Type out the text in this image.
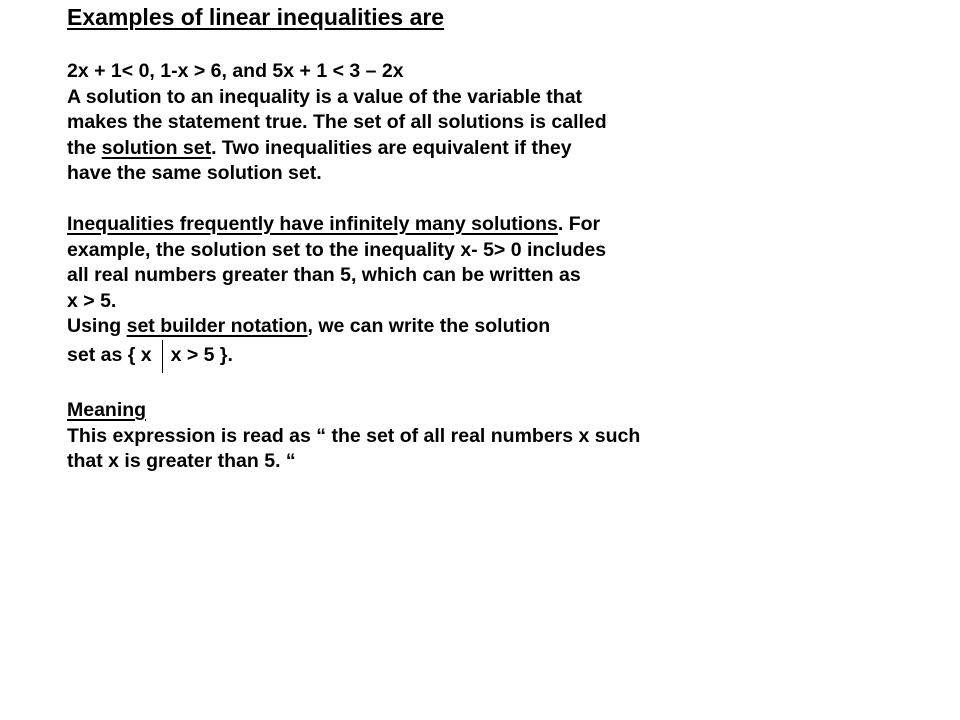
Examples of linear inequalities are
2x + 1< 0, 1-x > 6, and 5x + 1 < 3 – 2x
A solution to an inequality is a value of the variable that
makes the statement true. The set of all solutions is called
the solution set. Two inequalities are equivalent if they
have the same solution set.
Inequalities frequently have infinitely many solutions. For
example, the solution set to the inequality x- 5> 0 includes
all real numbers greater than 5, which can be written as
x > 5.
Using set builder notation, we can write the solution
set as { x x > 5 }.
Meaning
This expression is read as “ the set of all real numbers x such
that x is greater than 5. “
